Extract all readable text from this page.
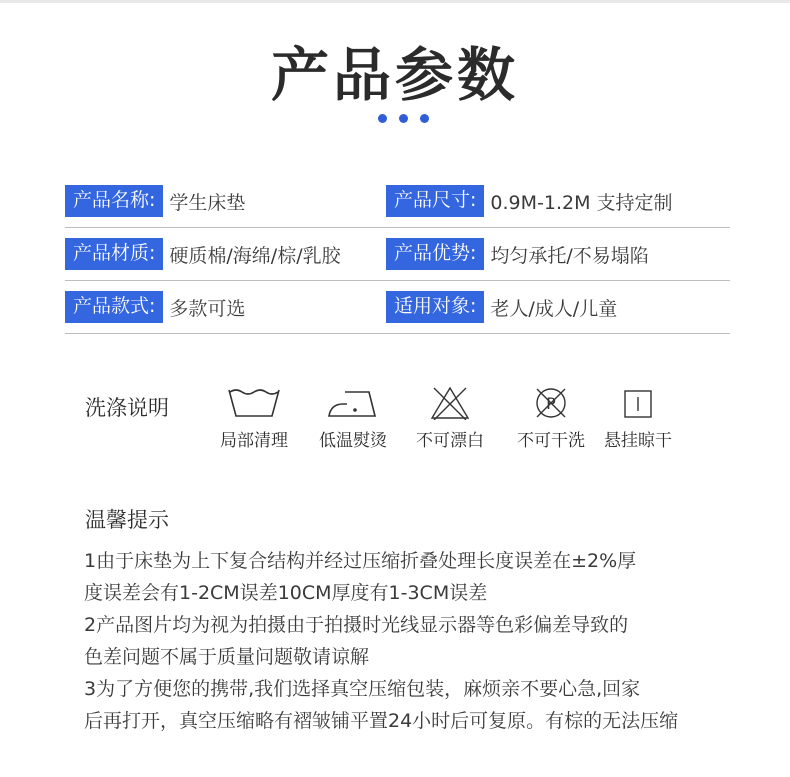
产品参数
产品名称: 学生床垫	产品尺寸: 0.9M-1.2M 支持定制
产品材质: 硬质棉/海绵/棕/乳胶	产品优势: 均匀承托/不易塌陷
产品款式: 多款可选	适用对象: 老人/成人/儿童
洗涤说明
局部清理	低温熨烫	不可漂白
P
不可干洗	悬挂晾干
温馨提示
1由于床垫为上下复合结构并经过压缩折叠处理长度误差在±2%厚
度误差会有1-2CM误差10CM厚度有1-3CM误差
2产品图片均为视为拍摄由于拍摄时光线显示器等色彩偏差导致的
色差问题不属于质量问题敬请谅解
3为了方便您的携带,我们选择真空压缩包装，麻烦亲不要心急,回家
后再打开，真空压缩略有褶皱铺平置24小时后可复原。有棕的无法压缩
